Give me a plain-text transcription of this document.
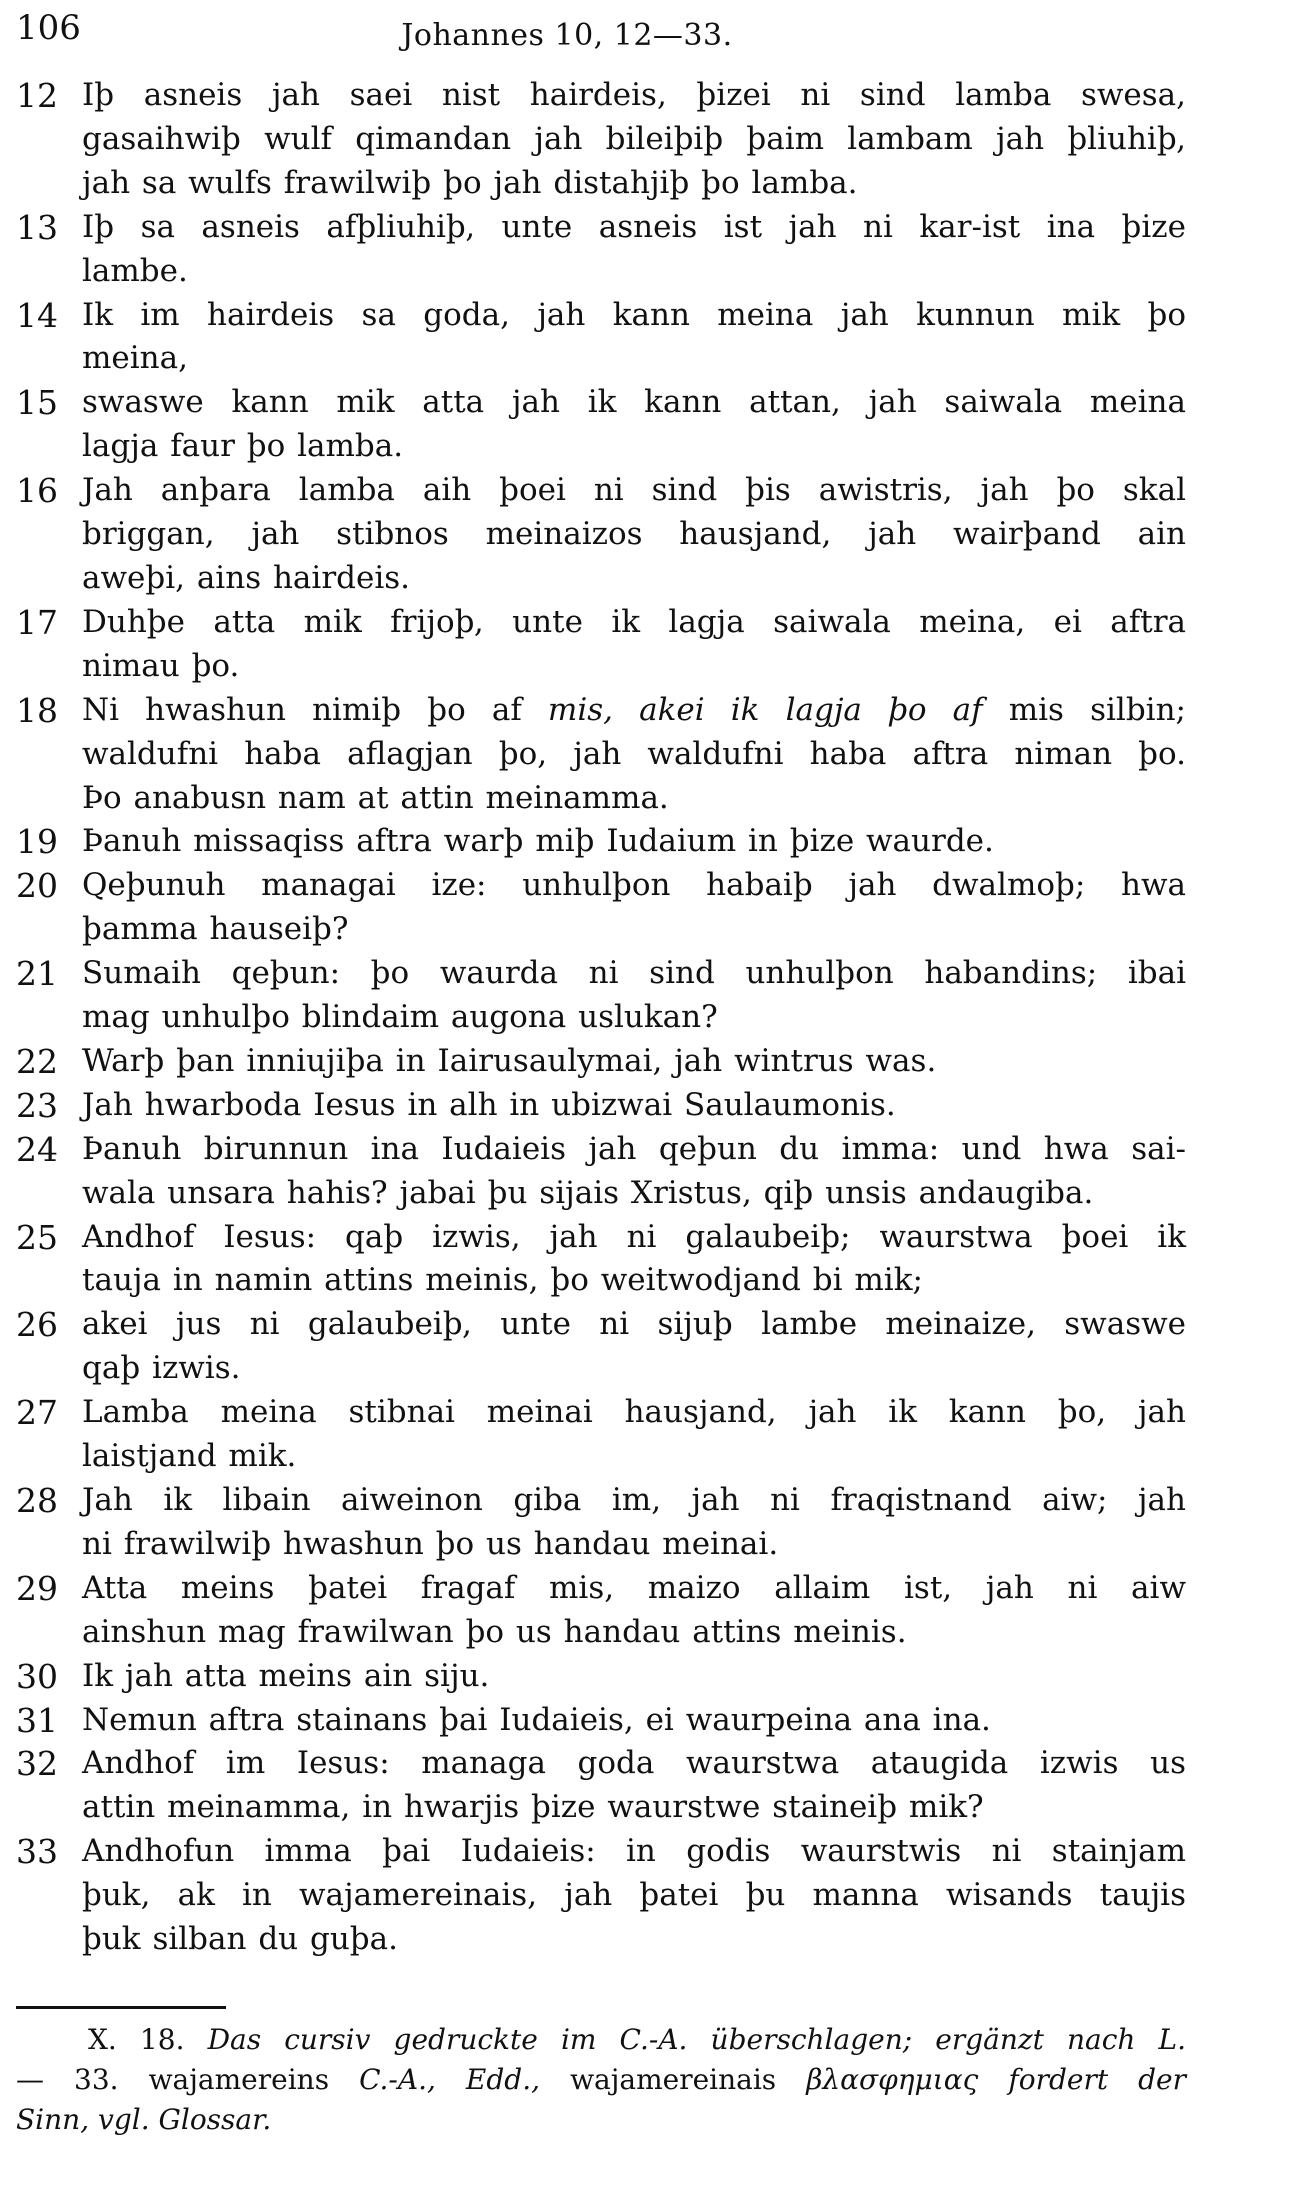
106	Johannes 10, 12—33.
12 Iþ asneis jah saei nist hairdeis, þizei ni sind lamba swesa,
gasaihwiþ wulf qimandan jah bileiþiþ þaim lambam jah þliuhiþ,
jah sa wulfs frawilwiþ þo jah distahjiþ þo lamba.
13 Iþ sa asneis afþliuhiþ, unte asneis ist jah ni kar-ist ina þize
lambe.
14 Ik im hairdeis sa goda, jah kann meina jah kunnun mik þo
meina,
15 swaswe kann mik atta jah ik kann attan, jah saiwala meina
lagja faur þo lamba.
16 Jah anþara lamba aih þoei ni sind þis awistris, jah þo skal
briggan, jah stibnos meinaizos hausjand, jah wairþand ain
aweþi, ains hairdeis.
17 Duhþe atta mik frijoþ, unte ik lagja saiwala meina, ei aftra
nimau þo.
18 Ni hwashun nimiþ þo af mis, akei ik lagja þo af mis silbin;
waldufni haba aflagjan þo, jah waldufni haba aftra niman þo.
Þo anabusn nam at attin meinamma.
19 Þanuh missaqiss aftra warþ miþ Iudaium in þize waurde.
20 Qeþunuh managai ize: unhulþon habaiþ jah dwalmoþ; hwa
þamma hauseiþ?
21 Sumaih qeþun: þo waurda ni sind unhulþon habandins; ibai
mag unhulþo blindaim augona uslukan?
22 Warþ þan inniujiþa in Iairusaulymai, jah wintrus was.
23 Jah hwarboda Iesus in alh in ubizwai Saulaumonis.
24 Þanuh birunnun ina Iudaieis jah qeþun du imma: und hwa sai-
wala unsara hahis? jabai þu sijais Xristus, qiþ unsis andaugiba.
25 Andhof Iesus: qaþ izwis, jah ni galaubeiþ; waurstwa þoei ik
tauja in namin attins meinis, þo weitwodjand bi mik;
26 akei jus ni galaubeiþ, unte ni sijuþ lambe meinaize, swaswe
qaþ izwis.
27 Lamba meina stibnai meinai hausjand, jah ik kann þo, jah
laistjand mik.
28 Jah ik libain aiweinon giba im, jah ni fraqistnand aiw; jah
ni frawilwiþ hwashun þo us handau meinai.
29 Atta meins þatei fragaf mis, maizo allaim ist, jah ni aiw
ainshun mag frawilwan þo us handau attins meinis.
30 Ik jah atta meins ain siju.
31 Nemun aftra stainans þai Iudaieis, ei waurpeina ana ina.
32 Andhof im Iesus: managa goda waurstwa ataugida izwis us
attin meinamma, in hwarjis þize waurstwe staineiþ mik?
33 Andhofun imma þai Iudaieis: in godis waurstwis ni stainjam
þuk, ak in wajamereinais, jah þatei þu manna wisands taujis
þuk silban du guþa.
X. 18. Das cursiv gedruckte im C.-A. überschlagen; ergänzt nach L.
— 33. wajamereins C.-A., Edd., wajamereinais βλασφημιας fordert der
Sinn, vgl. Glossar.
